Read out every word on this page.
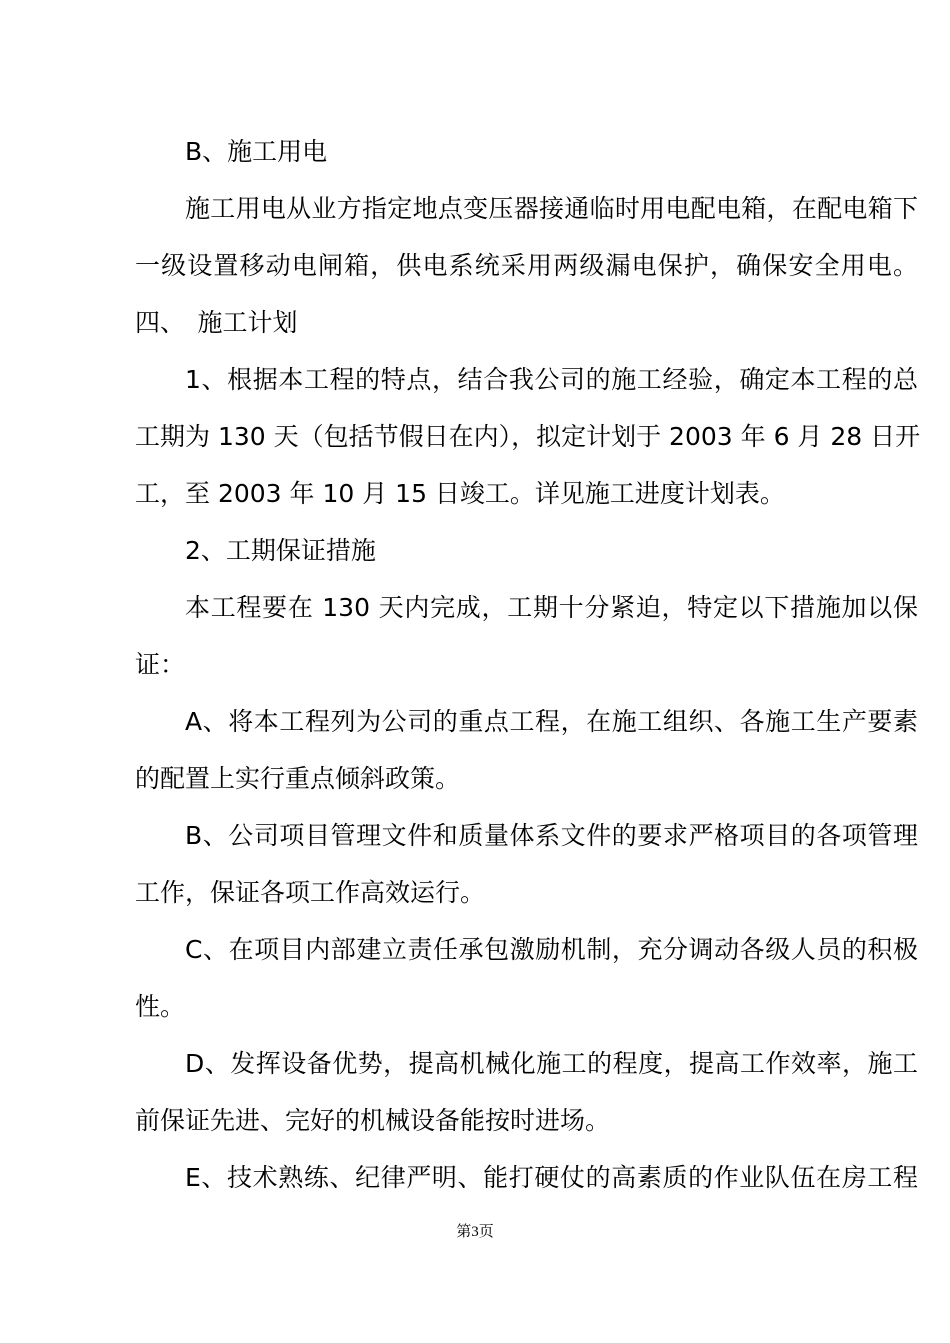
B、施工用电
施工用电从业方指定地点变压器接通临时用电配电箱，在配电箱下
一级设置移动电闸箱，供电系统采用两级漏电保护，确保安全用电。
四、　施工计划
1、根据本工程的特点，结合我公司的施工经验，确定本工程的总
工期为 130 天（包括节假日在内），拟定计划于 2003 年 6 月 28 日开
工，至 2003 年 10 月 15 日竣工。详见施工进度计划表。
2、工期保证措施
本工程要在 130 天内完成，工期十分紧迫，特定以下措施加以保
证：
A、将本工程列为公司的重点工程，在施工组织、各施工生产要素
的配置上实行重点倾斜政策。
B、公司项目管理文件和质量体系文件的要求严格项目的各项管理
工作，保证各项工作高效运行。
C、在项目内部建立责任承包激励机制，充分调动各级人员的积极
性。
D、发挥设备优势，提高机械化施工的程度，提高工作效率，施工
前保证先进、完好的机械设备能按时进场。
E、技术熟练、纪律严明、能打硬仗的高素质的作业队伍在房工程
第3页
